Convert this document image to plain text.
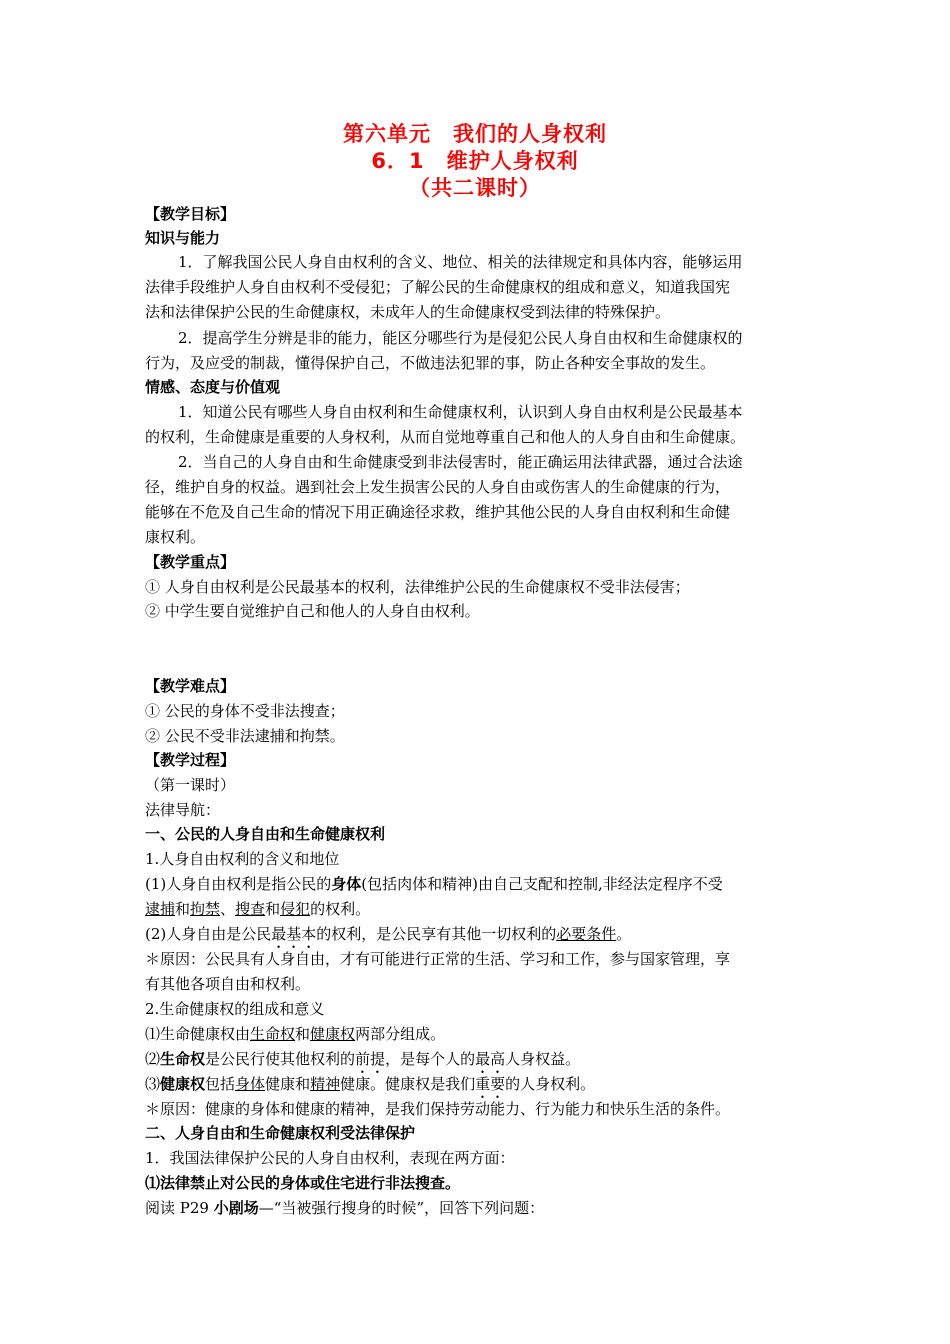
第六单元　我们的人身权利
6．1　维护人身权利
（共二课时）
【教学目标】
知识与能力
1．了解我国公民人身自由权利的含义、地位、相关的法律规定和具体内容，能够运用
法律手段维护人身自由权利不受侵犯；了解公民的生命健康权的组成和意义，知道我国宪
法和法律保护公民的生命健康权，未成年人的生命健康权受到法律的特殊保护。
2．提高学生分辨是非的能力，能区分哪些行为是侵犯公民人身自由权和生命健康权的
行为，及应受的制裁，懂得保护自己，不做违法犯罪的事，防止各种安全事故的发生。
情感、态度与价值观
1．知道公民有哪些人身自由权利和生命健康权利，认识到人身自由权利是公民最基本
的权利，生命健康是重要的人身权利，从而自觉地尊重自己和他人的人身自由和生命健康。
2．当自己的人身自由和生命健康受到非法侵害时，能正确运用法律武器，通过合法途
径，维护自身的权益。遇到社会上发生损害公民的人身自由或伤害人的生命健康的行为，
能够在不危及自己生命的情况下用正确途径求救，维护其他公民的人身自由权利和生命健
康权利。
【教学重点】
① 人身自由权利是公民最基本的权利，法律维护公民的生命健康权不受非法侵害；
② 中学生要自觉维护自己和他人的人身自由权利。
【教学难点】
① 公民的身体不受非法搜查；
② 公民不受非法逮捕和拘禁。
【教学过程】
（第一课时）
法律导航：
一、公民的人身自由和生命健康权利
1.人身自由权利的含义和地位
(1)人身自由权利是指公民的身体(包括肉体和精神)由自己支配和控制,非经法定程序不受
逮捕和拘禁、搜查和侵犯的权利。
(2)人身自由是公民最基本的权利，是公民享有其他一切权利的必要条件。
＊原因：公民具有人身自由，才有可能进行正常的生活、学习和工作，参与国家管理，享
有其他各项自由和权利。
2.生命健康权的组成和意义
⑴生命健康权由生命权和健康权两部分组成。
⑵生命权是公民行使其他权利的前提，是每个人的最高人身权益。
⑶健康权包括身体健康和精神健康。健康权是我们重要的人身权利。
＊原因：健康的身体和健康的精神，是我们保持劳动能力、行为能力和快乐生活的条件。
二、人身自由和生命健康权利受法律保护
1．我国法律保护公民的人身自由权利，表现在两方面：
⑴法律禁止对公民的身体或住宅进行非法搜查。
阅读 P29 小剧场—“当被强行搜身的时候”，回答下列问题：
